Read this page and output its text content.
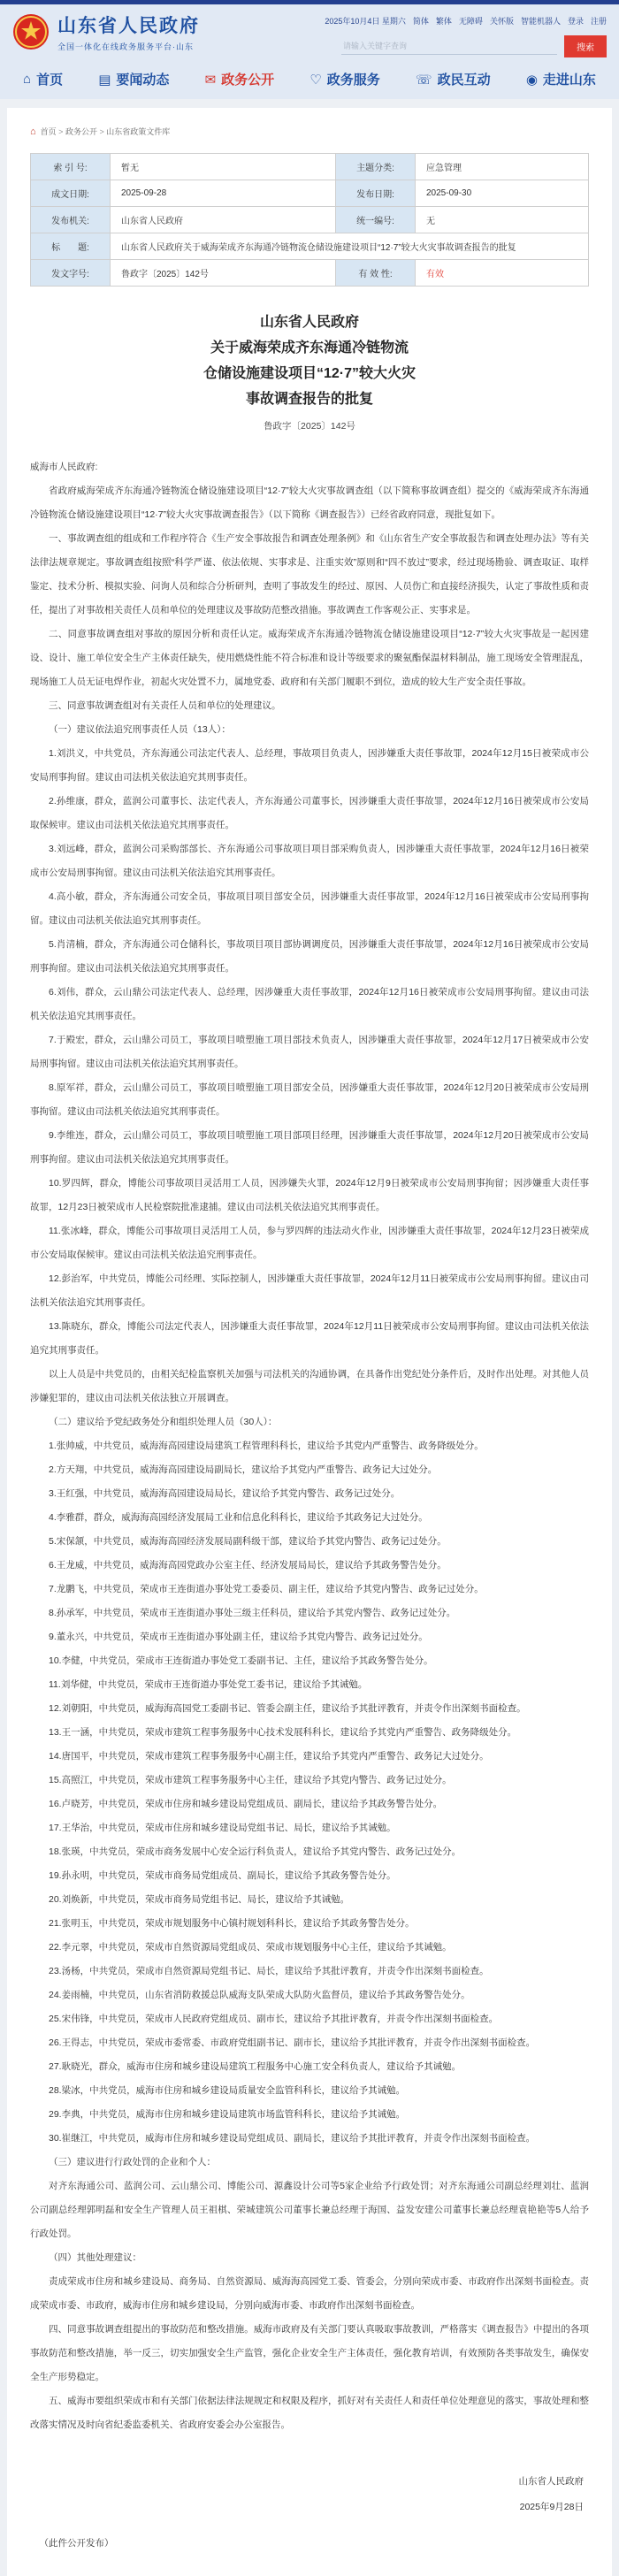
山东省人民政府
全国一体化在线政务服务平台·山东
2025年10月4日 星期六 简体 繁体 无障碍 关怀版 智能机器人 登录 注册
请输入关键字查询
搜索
⌂ 首页	▤ 要闻动态	✉ 政务公开	♡ 政务服务	☏ 政民互动	◉ 走进山东
⌂ 首页	> 政务公开	> 山东省政策文件库
索 引 号:	暂无	主题分类:	应急管理
成文日期:	2025-09-28	发布日期:	2025-09-30
发布机关:	山东省人民政府	统一编号:	无
标　　题:	山东省人民政府关于威海荣成齐东海通冷链物流仓储设施建设项目“12·7”较大火灾事故调查报告的批复		
发文字号:	鲁政字〔2025〕142号	有 效 性:	有效
山东省人民政府
关于威海荣成齐东海通冷链物流
仓储设施建设项目“12·7”较大火灾
事故调查报告的批复
鲁政字〔2025〕142号

威海市人民政府:

省政府威海荣成齐东海通冷链物流仓储设施建设项目“12·7”较大火灾事故调查组（以下简称事故调查组）提交的《威海荣成齐东海通冷链物流仓储设施建设项目“12·7”较大火灾事故调查报告》（以下简称《调查报告》）已经省政府同意，现批复如下。

一、事故调查组的组成和工作程序符合《生产安全事故报告和调查处理条例》和《山东省生产安全事故报告和调查处理办法》等有关法律法规章规定。事故调查组按照“科学严谨、依法依规、实事求是、注重实效”原则和“四不放过”要求，经过现场勘验、调查取证、取样鉴定、技术分析、模拟实验、问询人员和综合分析研判，查明了事故发生的经过、原因、人员伤亡和直接经济损失，认定了事故性质和责任，提出了对事故相关责任人员和单位的处理建议及事故防范整改措施。事故调查工作客观公正、实事求是。

二、同意事故调查组对事故的原因分析和责任认定。威海荣成齐东海通冷链物流仓储设施建设项目“12·7”较大火灾事故是一起因建设、设计、施工单位安全生产主体责任缺失，使用燃烧性能不符合标准和设计等级要求的聚氨酯保温材料制品，施工现场安全管理混乱，现场施工人员无证电焊作业，初起火灾处置不力，属地党委、政府和有关部门履职不到位，造成的较大生产安全责任事故。

三、同意事故调查组对有关责任人员和单位的处理建议。

（一）建议依法追究刑事责任人员（13人）：

1.刘洪义，中共党员，齐东海通公司法定代表人、总经理，事故项目负责人，因涉嫌重大责任事故罪，2024年12月15日被荣成市公安局刑事拘留。建议由司法机关依法追究其刑事责任。

2.孙维康，群众，蓝润公司董事长、法定代表人，齐东海通公司董事长，因涉嫌重大责任事故罪，2024年12月16日被荣成市公安局取保候审。建议由司法机关依法追究其刑事责任。

3.刘远峰，群众，蓝润公司采购部部长、齐东海通公司事故项目项目部采购负责人，因涉嫌重大责任事故罪，2024年12月16日被荣成市公安局刑事拘留。建议由司法机关依法追究其刑事责任。

4.高小敏，群众，齐东海通公司安全员，事故项目项目部安全员，因涉嫌重大责任事故罪，2024年12月16日被荣成市公安局刑事拘留。建议由司法机关依法追究其刑事责任。

5.肖清楠，群众，齐东海通公司仓储科长，事故项目项目部协调调度员，因涉嫌重大责任事故罪，2024年12月16日被荣成市公安局刑事拘留。建议由司法机关依法追究其刑事责任。

6.刘伟，群众，云山鼎公司法定代表人、总经理，因涉嫌重大责任事故罪，2024年12月16日被荣成市公安局刑事拘留。建议由司法机关依法追究其刑事责任。

7.于殿宏，群众，云山鼎公司员工，事故项目喷塑施工项目部技术负责人，因涉嫌重大责任事故罪，2024年12月17日被荣成市公安局刑事拘留。建议由司法机关依法追究其刑事责任。

8.原军祥，群众，云山鼎公司员工，事故项目喷塑施工项目部安全员，因涉嫌重大责任事故罪，2024年12月20日被荣成市公安局刑事拘留。建议由司法机关依法追究其刑事责任。

9.李维连，群众，云山鼎公司员工，事故项目喷塑施工项目部项目经理，因涉嫌重大责任事故罪，2024年12月20日被荣成市公安局刑事拘留。建议由司法机关依法追究其刑事责任。

10.罗四辉，群众，博能公司事故项目灵活用工人员，因涉嫌失火罪，2024年12月9日被荣成市公安局刑事拘留；因涉嫌重大责任事故罪，12月23日被荣成市人民检察院批准逮捕。建议由司法机关依法追究其刑事责任。

11.张冰峰，群众，博能公司事故项目灵活用工人员，参与罗四辉的违法动火作业，因涉嫌重大责任事故罪，2024年12月23日被荣成市公安局取保候审。建议由司法机关依法追究刑事责任。

12.彭治军，中共党员，博能公司经理、实际控制人，因涉嫌重大责任事故罪，2024年12月11日被荣成市公安局刑事拘留。建议由司法机关依法追究其刑事责任。

13.陈晓东，群众，博能公司法定代表人，因涉嫌重大责任事故罪，2024年12月11日被荣成市公安局刑事拘留。建议由司法机关依法追究其刑事责任。

以上人员是中共党员的，由相关纪检监察机关加强与司法机关的沟通协调，在具备作出党纪处分条件后，及时作出处理。对其他人员涉嫌犯罪的，建议由司法机关依法独立开展调查。

（二）建议给予党纪政务处分和组织处理人员（30人）：

1.张帅威，中共党员，威海海高园建设局建筑工程管理科科长，建议给予其党内严重警告、政务降级处分。

2.方天翔，中共党员，威海海高园建设局副局长，建议给予其党内严重警告、政务记大过处分。

3.王红强，中共党员，威海海高园建设局局长，建议给予其党内警告、政务记过处分。

4.李雅群，群众，威海海高园经济发展局工业和信息化科科长，建议给予其政务记大过处分。

5.宋保颔，中共党员，威海海高园经济发展局副科级干部，建议给予其党内警告、政务记过处分。

6.王龙威，中共党员，威海海高园党政办公室主任、经济发展局局长，建议给予其政务警告处分。

7.龙鹏飞，中共党员，荣成市王连街道办事处党工委委员、副主任，建议给予其党内警告、政务记过处分。

8.孙承军，中共党员，荣成市王连街道办事处三级主任科员，建议给予其党内警告、政务记过处分。

9.董永兴，中共党员，荣成市王连街道办事处副主任，建议给予其党内警告、政务记过处分。

10.李健，中共党员，荣成市王连街道办事处党工委副书记、主任，建议给予其政务警告处分。

11.刘华健，中共党员，荣成市王连街道办事处党工委书记，建议给予其诫勉。

12.刘朝阳，中共党员，威海海高园党工委副书记、管委会副主任，建议给予其批评教育，并责令作出深刻书面检查。

13.王一涵，中共党员，荣成市建筑工程事务服务中心技术发展科科长，建议给予其党内严重警告、政务降级处分。

14.唐国平，中共党员，荣成市建筑工程事务服务中心副主任，建议给予其党内严重警告、政务记大过处分。

15.高照江，中共党员，荣成市建筑工程事务服务中心主任，建议给予其党内警告、政务记过处分。

16.卢晓芳，中共党员，荣成市住房和城乡建设局党组成员、副局长，建议给予其政务警告处分。

17.王华治，中共党员，荣成市住房和城乡建设局党组书记、局长，建议给予其诫勉。

18.张瑛，中共党员，荣成市商务发展中心安全运行科负责人，建议给予其党内警告、政务记过处分。

19.孙永明，中共党员，荣成市商务局党组成员、副局长，建议给予其政务警告处分。

20.刘焕新，中共党员，荣成市商务局党组书记、局长，建议给予其诫勉。

21.张明玉，中共党员，荣成市规划服务中心镇村规划科科长，建议给予其政务警告处分。

22.李元翠，中共党员，荣成市自然资源局党组成员、荣成市规划服务中心主任，建议给予其诫勉。

23.汤杨，中共党员，荣成市自然资源局党组书记、局长，建议给予其批评教育，并责令作出深刻书面检查。

24.姜雨楠，中共党员，山东省消防救援总队威海支队荣成大队防火监督员，建议给予其政务警告处分。

25.宋伟锋，中共党员，荣成市人民政府党组成员、副市长，建议给予其批评教育，并责令作出深刻书面检查。

26.王得志，中共党员，荣成市委常委、市政府党组副书记、副市长，建议给予其批评教育，并责令作出深刻书面检查。

27.耿晓光，群众，威海市住房和城乡建设局建筑工程服务中心施工安全科负责人，建议给予其诫勉。

28.梁冰，中共党员，威海市住房和城乡建设局质量安全监管科科长，建议给予其诫勉。

29.李典，中共党员，威海市住房和城乡建设局建筑市场监管科科长，建议给予其诫勉。

30.崔继江，中共党员，威海市住房和城乡建设局党组成员、副局长，建议给予其批评教育，并责令作出深刻书面检查。

（三）建议进行行政处罚的企业和个人：

对齐东海通公司、蓝润公司、云山鼎公司、博能公司、源鑫设计公司等5家企业给予行政处罚；对齐东海通公司副总经理刘壮、蓝润公司副总经理郭明磊和安全生产管理人员王祖棋、荣城建筑公司董事长兼总经理于海国、益发安建公司董事长兼总经理袁艳艳等5人给予行政处罚。

（四）其他处理建议：

责成荣成市住房和城乡建设局、商务局、自然资源局、威海海高园党工委、管委会，分别向荣成市委、市政府作出深刻书面检查。责成荣成市委、市政府，威海市住房和城乡建设局，分别向威海市委、市政府作出深刻书面检查。

四、同意事故调查组提出的事故防范和整改措施。威海市政府及有关部门要认真吸取事故教训，严格落实《调查报告》中提出的各项事故防范和整改措施，举一反三，切实加强安全生产监管，强化企业安全生产主体责任，强化教育培训，有效预防各类事故发生，确保安全生产形势稳定。

五、威海市要组织荣成市和有关部门依据法律法规规定和权限及程序，抓好对有关责任人和责任单位处理意见的落实，事故处理和整改落实情况及时向省纪委监委机关、省政府安委会办公室报告。

山东省人民政府
2025年9月28日

（此件公开发布）
